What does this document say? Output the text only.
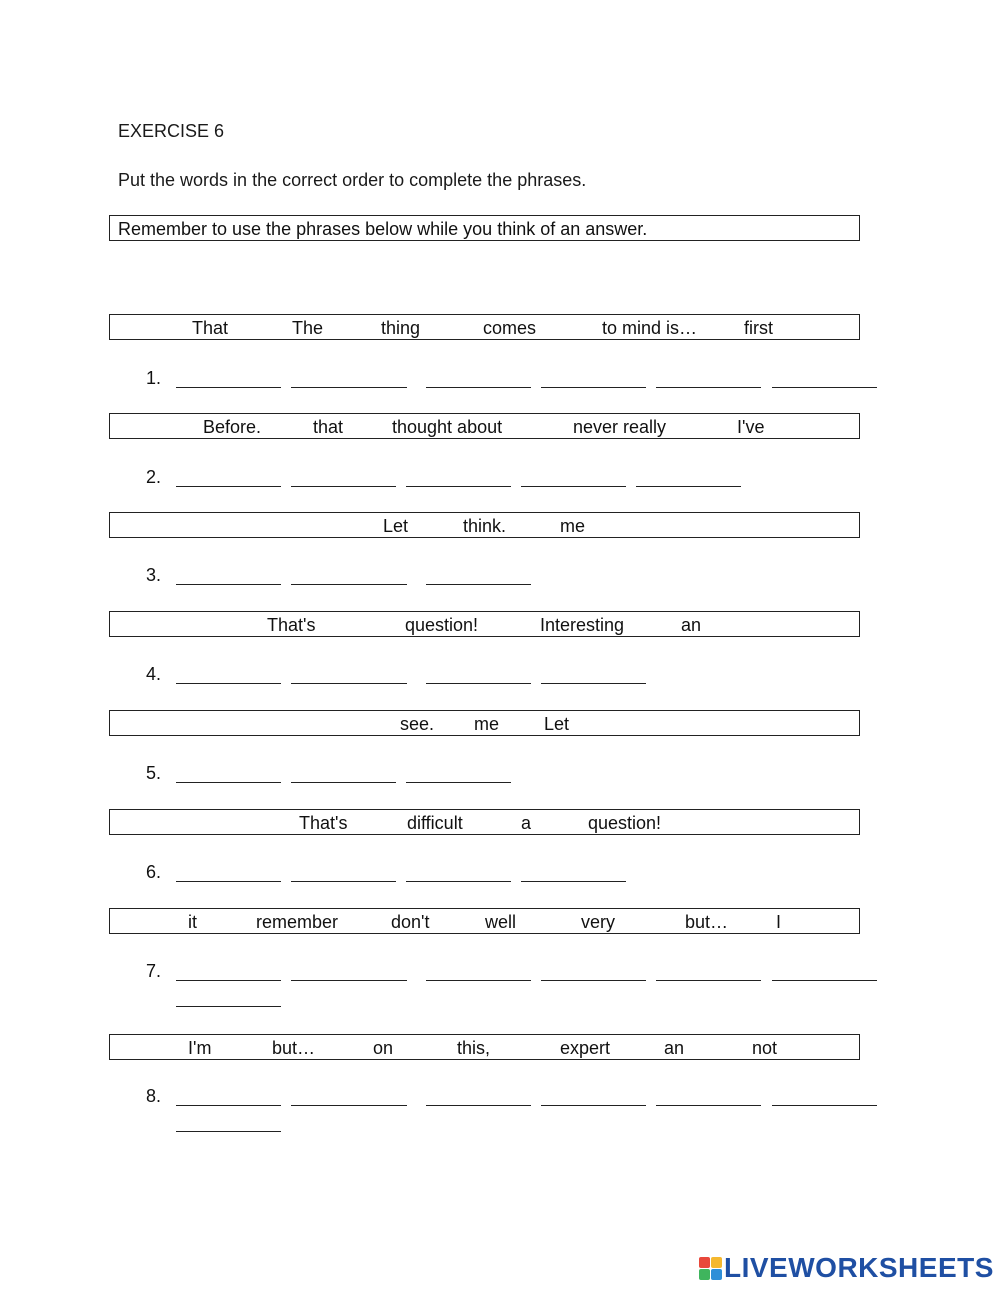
EXERCISE 6
Put the words in the correct order to complete the phrases.
Remember to use the phrases below while you think of an answer.
That	The	thing	comes	to mind is…	first
1.
Before.	that	thought about	never really	I've
2.
Let	think.	me
3.
That's	question!	Interesting	an
4.
see. me Let
5.
That's	difficult	a	question!
6.
it	remember	don't	well	very	but…	I
7.
I'm	but…	on	this,	expert	an	not
8.
LIVEWORKSHEETS
